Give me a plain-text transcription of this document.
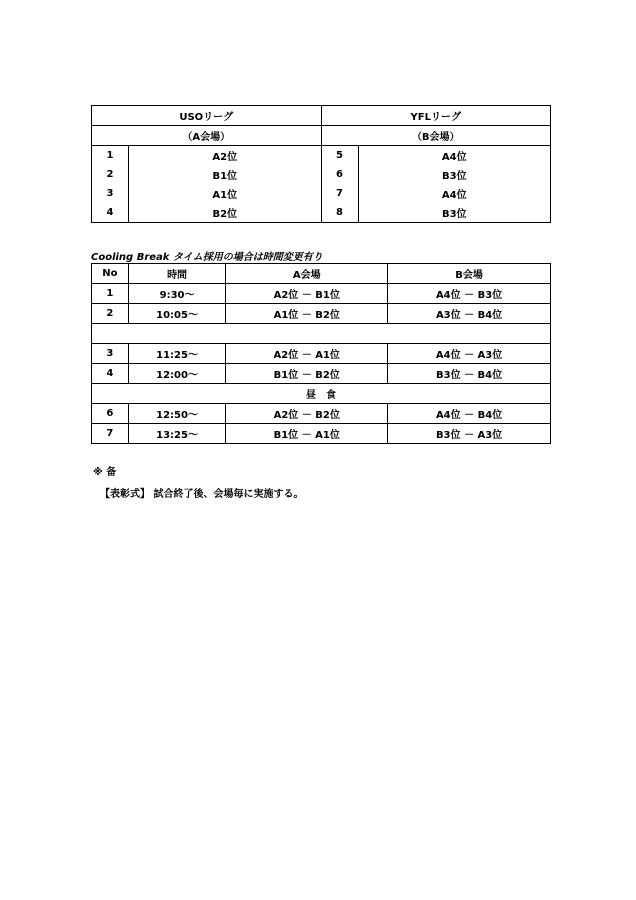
USOリーグ		YFLリーグ	
（A会場）		（B会場）	
1	A2位	5	A4位
2	B1位	6	B3位
3	A1位	7	A4位
4	B2位	8	B3位
Cooling Break タイム採用の場合は時間変更有り
No	時間	A会場	B会場
1	9:30～	A2位 － B1位	A4位 － B3位
2	10:05～	A1位 － B2位	A3位 － B4位

3	11:25～	A2位 － A1位	A4位 － A3位
4	12:00～	B1位 － B2位	B3位 － B4位
昼　食			
6	12:50～	A2位 － B2位	A4位 － B4位
7	13:25～	B1位 － A1位	B3位 － A3位
※ 备
【表彰式】 試合終了後、会場毎に実施する。
